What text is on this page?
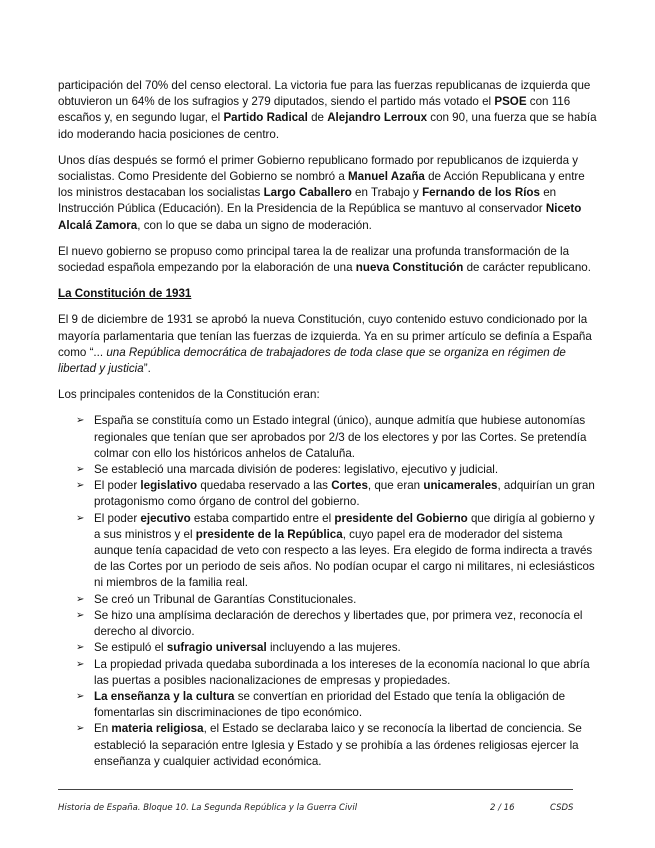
participación del 70% del censo electoral. La victoria fue para las fuerzas republicanas de izquierda que obtuvieron un 64% de los sufragios y 279 diputados, siendo el partido más votado el PSOE con 116 escaños y, en segundo lugar, el Partido Radical de Alejandro Lerroux con 90, una fuerza que se había ido moderando hacia posiciones de centro.

Unos días después se formó el primer Gobierno republicano formado por republicanos de izquierda y socialistas. Como Presidente del Gobierno se nombró a Manuel Azaña de Acción Republicana y entre los ministros destacaban los socialistas Largo Caballero en Trabajo y Fernando de los Ríos en Instrucción Pública (Educación). En la Presidencia de la República se mantuvo al conservador Niceto Alcalá Zamora, con lo que se daba un signo de moderación.

El nuevo gobierno se propuso como principal tarea la de realizar una profunda transformación de la sociedad española empezando por la elaboración de una nueva Constitución de carácter republicano.

La Constitución de 1931

El 9 de diciembre de 1931 se aprobó la nueva Constitución, cuyo contenido estuvo condicionado por la mayoría parlamentaria que tenían las fuerzas de izquierda. Ya en su primer artículo se definía a España como “... una República democrática de trabajadores de toda clase que se organiza en régimen de libertad y justicia”.

Los principales contenidos de la Constitución eran:

➢ España se constituía como un Estado integral (único), aunque admitía que hubiese autonomías regionales que tenían que ser aprobados por 2/3 de los electores y por las Cortes. Se pretendía colmar con ello los históricos anhelos de Cataluña.
➢ Se estableció una marcada división de poderes: legislativo, ejecutivo y judicial.
➢ El poder legislativo quedaba reservado a las Cortes, que eran unicamerales, adquirían un gran protagonismo como órgano de control del gobierno.
➢ El poder ejecutivo estaba compartido entre el presidente del Gobierno que dirigía al gobierno y a sus ministros y el presidente de la República, cuyo papel era de moderador del sistema aunque tenía capacidad de veto con respecto a las leyes. Era elegido de forma indirecta a través de las Cortes por un periodo de seis años. No podían ocupar el cargo ni militares, ni eclesiásticos ni miembros de la familia real.
➢ Se creó un Tribunal de Garantías Constitucionales.
➢ Se hizo una amplísima declaración de derechos y libertades que, por primera vez, reconocía el derecho al divorcio.
➢ Se estipuló el sufragio universal incluyendo a las mujeres.
➢ La propiedad privada quedaba subordinada a los intereses de la economía nacional lo que abría las puertas a posibles nacionalizaciones de empresas y propiedades.
➢ La enseñanza y la cultura se convertían en prioridad del Estado que tenía la obligación de fomentarlas sin discriminaciones de tipo económico.
➢ En materia religiosa, el Estado se declaraba laico y se reconocía la libertad de conciencia. Se estableció la separación entre Iglesia y Estado y se prohibía a las órdenes religiosas ejercer la enseñanza y cualquier actividad económica.
Historia de España. Bloque 10. La Segunda República y la Guerra Civil	2 / 16	CSDS
